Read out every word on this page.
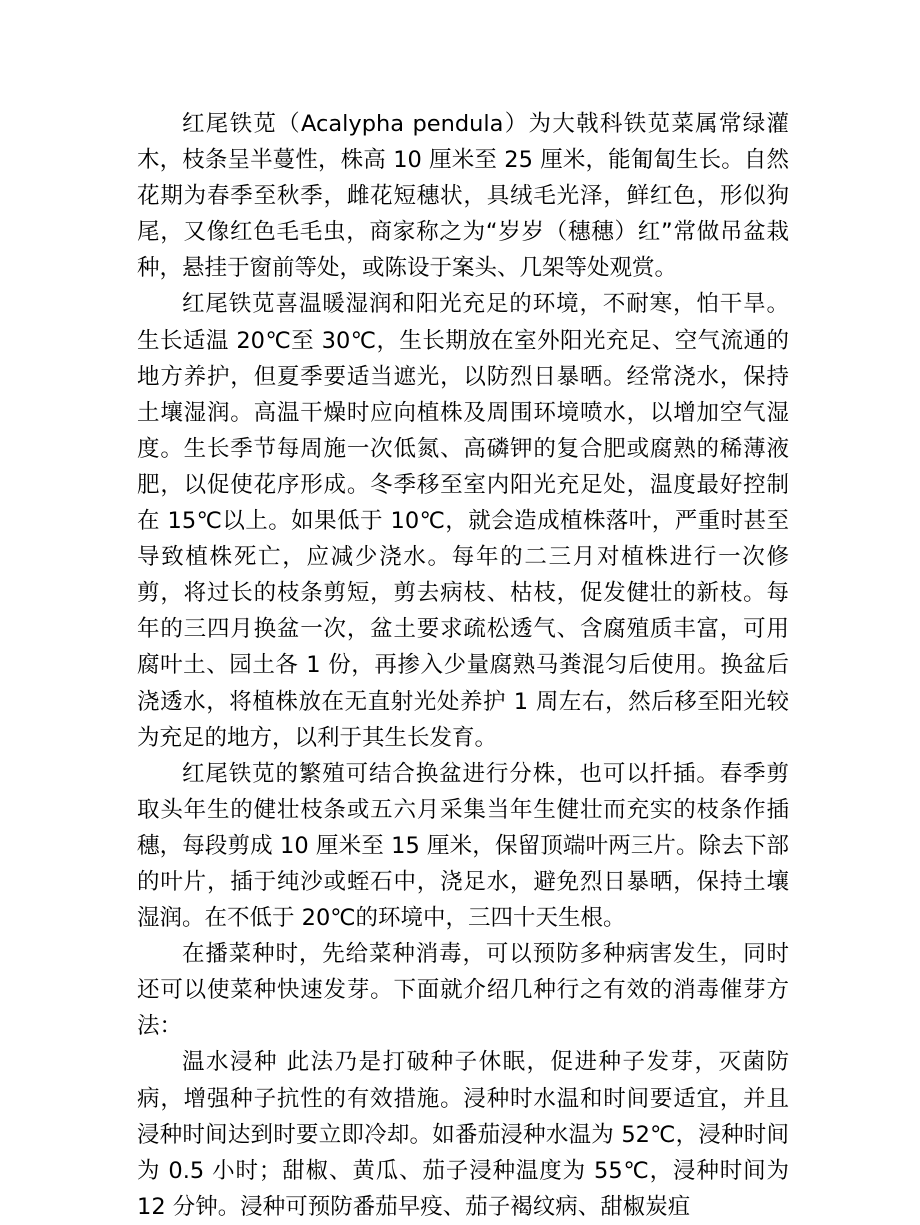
红尾铁苋（Acalypha pendula）为大戟科铁苋菜属常绿灌木，枝条呈半蔓性，株高 10 厘米至 25 厘米，能匍匐生长。自然花期为春季至秋季，雌花短穗状，具绒毛光泽，鲜红色，形似狗尾，又像红色毛毛虫，商家称之为“岁岁（穗穗）红”常做吊盆栽种，悬挂于窗前等处，或陈设于案头、几架等处观赏。

红尾铁苋喜温暖湿润和阳光充足的环境，不耐寒，怕干旱。生长适温 20℃至 30℃，生长期放在室外阳光充足、空气流通的地方养护，但夏季要适当遮光，以防烈日暴晒。经常浇水，保持土壤湿润。高温干燥时应向植株及周围环境喷水，以增加空气湿度。生长季节每周施一次低氮、高磷钾的复合肥或腐熟的稀薄液肥，以促使花序形成。冬季移至室内阳光充足处，温度最好控制在 15℃以上。如果低于 10℃，就会造成植株落叶，严重时甚至导致植株死亡，应减少浇水。每年的二三月对植株进行一次修剪，将过长的枝条剪短，剪去病枝、枯枝，促发健壮的新枝。每年的三四月换盆一次，盆土要求疏松透气、含腐殖质丰富，可用腐叶土、园土各 1 份，再掺入少量腐熟马粪混匀后使用。换盆后浇透水，将植株放在无直射光处养护 1 周左右，然后移至阳光较为充足的地方，以利于其生长发育。

红尾铁苋的繁殖可结合换盆进行分株，也可以扦插。春季剪取头年生的健壮枝条或五六月采集当年生健壮而充实的枝条作插穗，每段剪成 10 厘米至 15 厘米，保留顶端叶两三片。除去下部的叶片，插于纯沙或蛭石中，浇足水，避免烈日暴晒，保持土壤湿润。在不低于 20℃的环境中，三四十天生根。

在播菜种时，先给菜种消毒，可以预防多种病害发生，同时还可以使菜种快速发芽。下面就介绍几种行之有效的消毒催芽方法：

温水浸种 此法乃是打破种子休眠，促进种子发芽，灭菌防病，增强种子抗性的有效措施。浸种时水温和时间要适宜，并且浸种时间达到时要立即冷却。如番茄浸种水温为 52℃，浸种时间为 0.5 小时；甜椒、黄瓜、茄子浸种温度为 55℃，浸种时间为 12 分钟。浸种可预防番茄早疫、茄子褐纹病、甜椒炭疽
